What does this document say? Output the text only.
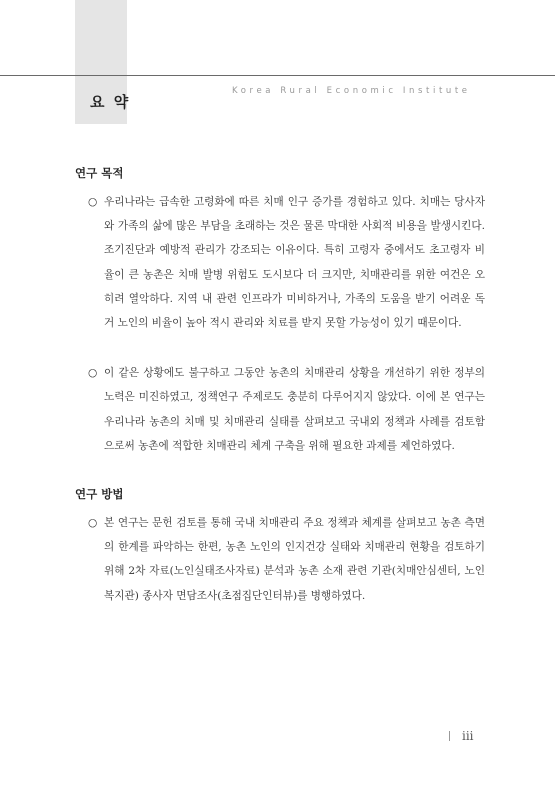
요 약

Korea Rural Economic Institute

연구 목적

○ 우리나라는 급속한 고령화에 따른 치매 인구 증가를 경험하고 있다. 치매는 당사자와 가족의 삶에 많은 부담을 초래하는 것은 물론 막대한 사회적 비용을 발생시킨다. 조기진단과 예방적 관리가 강조되는 이유이다. 특히 고령자 중에서도 초고령자 비율이 큰 농촌은 치매 발병 위험도 도시보다 더 크지만, 치매관리를 위한 여건은 오히려 열악하다. 지역 내 관련 인프라가 미비하거나, 가족의 도움을 받기 어려운 독거 노인의 비율이 높아 적시 관리와 치료를 받지 못할 가능성이 있기 때문이다.

○ 이 같은 상황에도 불구하고 그동안 농촌의 치매관리 상황을 개선하기 위한 정부의 노력은 미진하였고, 정책연구 주제로도 충분히 다루어지지 않았다. 이에 본 연구는 우리나라 농촌의 치매 및 치매관리 실태를 살펴보고 국내외 정책과 사례를 검토함으로써 농촌에 적합한 치매관리 체계 구축을 위해 필요한 과제를 제언하였다.

연구 방법

○ 본 연구는 문헌 검토를 통해 국내 치매관리 주요 정책과 체계를 살펴보고 농촌 측면의 한계를 파악하는 한편, 농촌 노인의 인지건강 실태와 치매관리 현황을 검토하기 위해 2차 자료(노인실태조사자료) 분석과 농촌 소재 관련 기관(치매안심센터, 노인복지관) 종사자 면담조사(초점집단인터뷰)를 병행하였다.

iii
